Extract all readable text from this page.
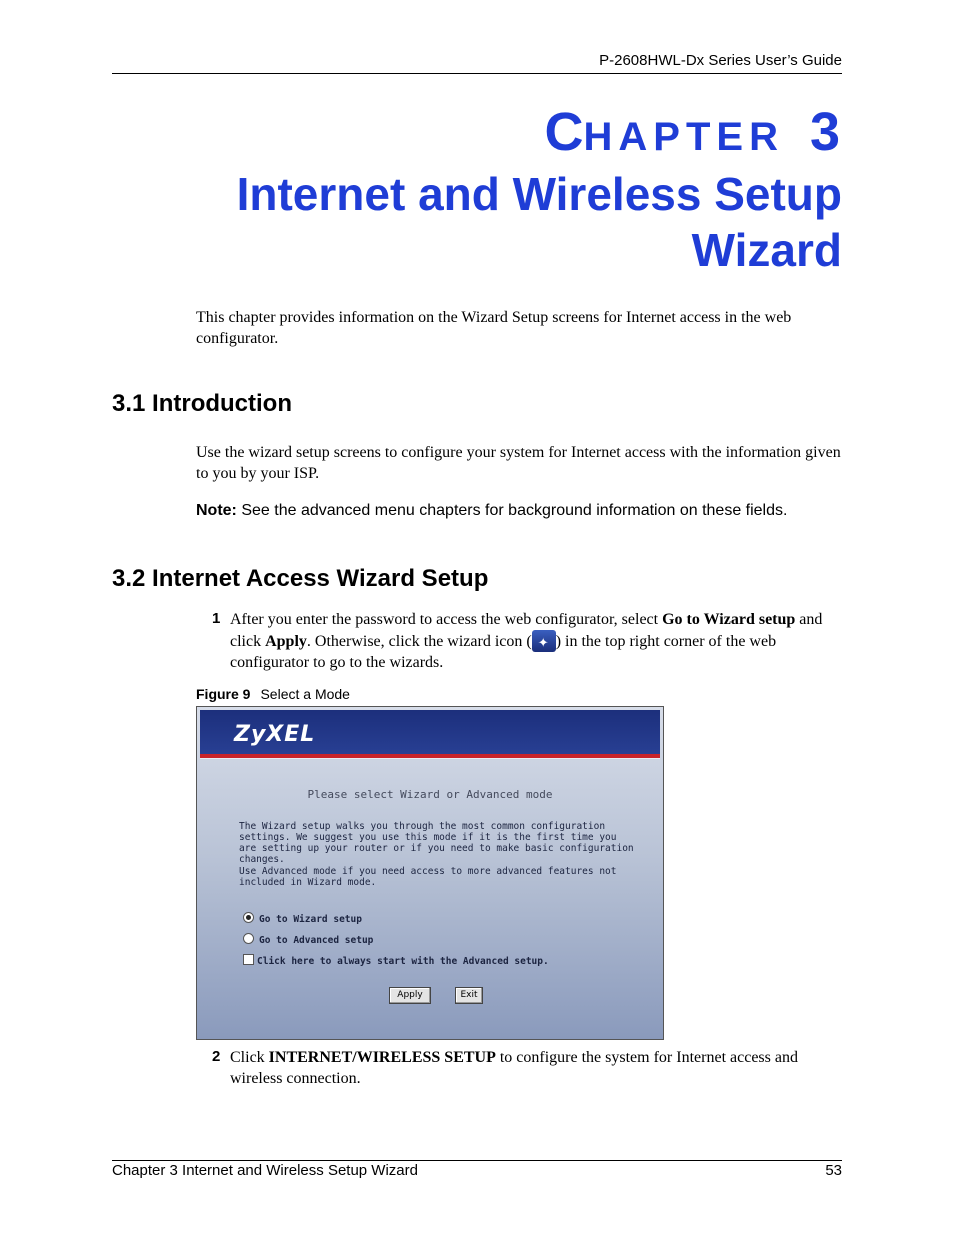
P-2608HWL-Dx Series User’s Guide
CHAPTER 3
Internet and Wireless Setup
Wizard
This chapter provides information on the Wizard Setup screens for Internet access in the web configurator.
3.1 Introduction
Use the wizard setup screens to configure your system for Internet access with the information given to you by your ISP.
Note: See the advanced menu chapters for background information on these fields.
3.2 Internet Access Wizard Setup
1 After you enter the password to access the web configurator, select Go to Wizard setup and click Apply. Otherwise, click the wizard icon (✦ ) in the top right corner of the web configurator to go to the wizards.
Figure 9 Select a Mode
ZyXEL
Please select Wizard or Advanced mode
The Wizard setup walks you through the most common configuration settings. We suggest you use this mode if it is the first time you are setting up your router or if you need to make basic configuration changes.
Use Advanced mode if you need access to more advanced features not included in Wizard mode.
Go to Wizard setup
Go to Advanced setup
Click here to always start with the Advanced setup.
Apply	Exit
2 Click INTERNET/WIRELESS SETUP to configure the system for Internet access and wireless connection.
Chapter 3 Internet and Wireless Setup Wizard	53
